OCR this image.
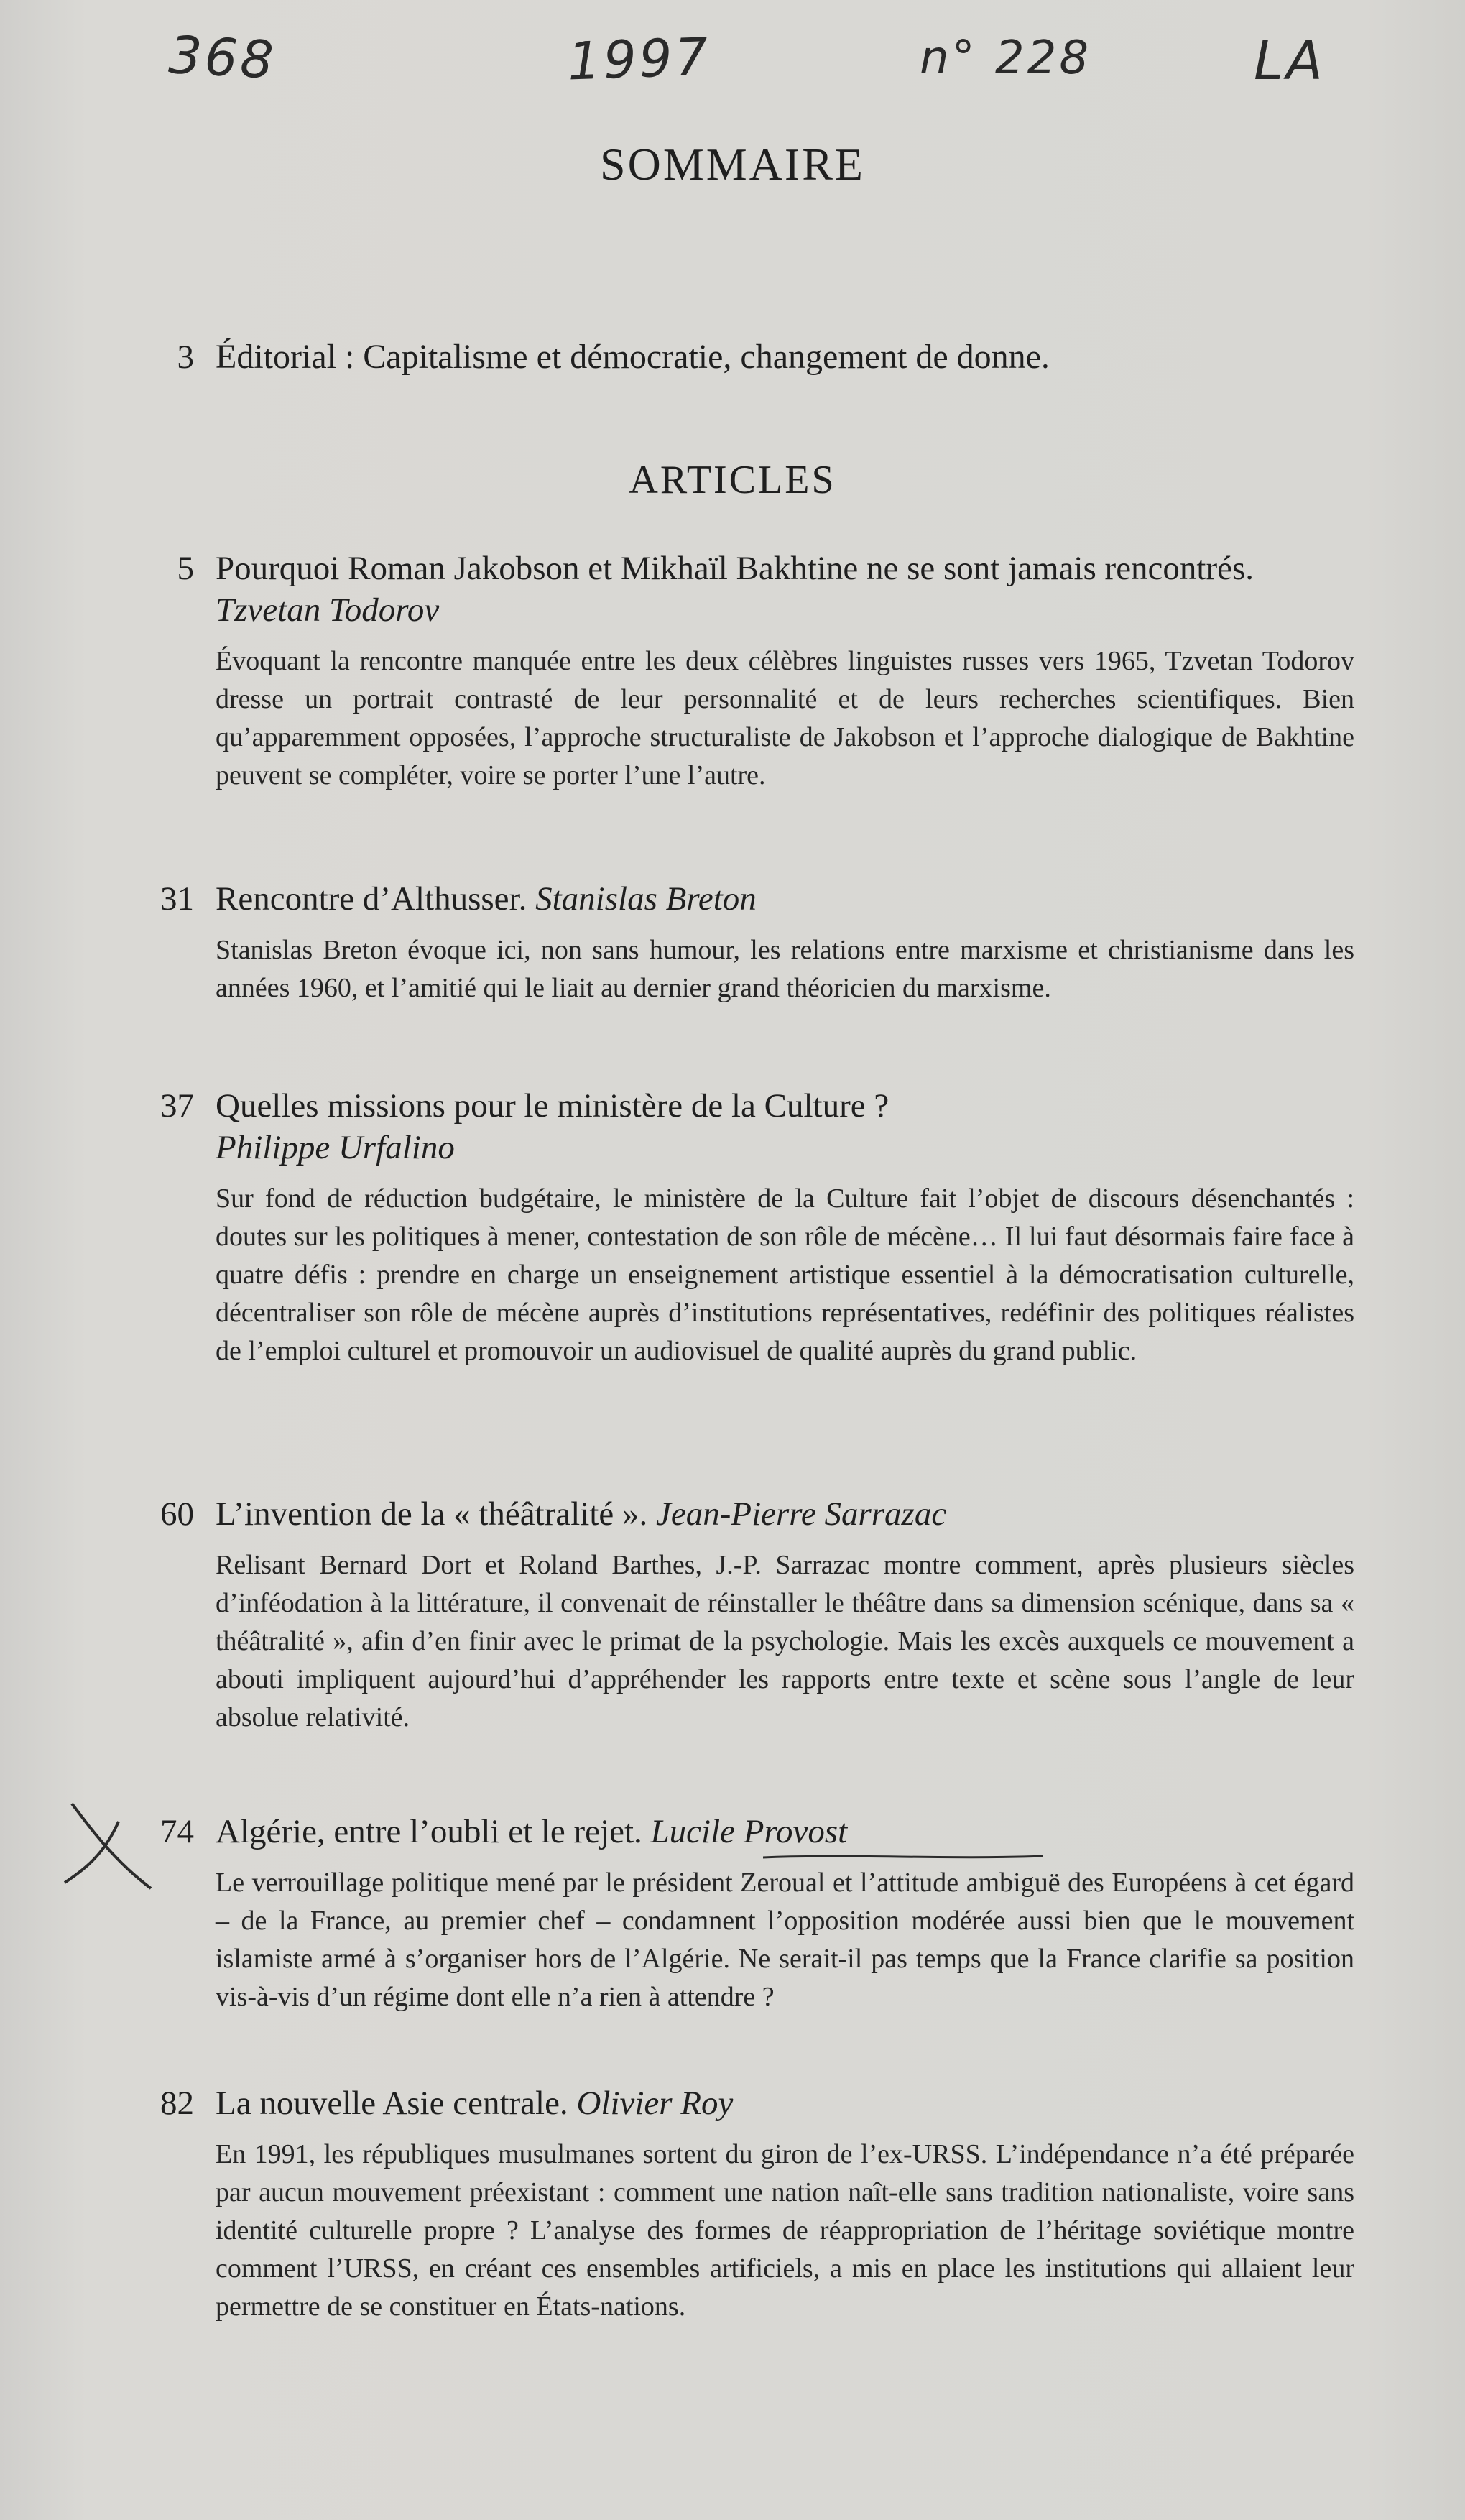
368	1997	n° 228	LA
SOMMAIRE
3 Éditorial : Capitalisme et démocratie, changement de donne.
ARTICLES
5 Pourquoi Roman Jakobson et Mikhaïl Bakhtine ne se sont jamais rencontrés. Tzvetan Todorov
Évoquant la rencontre manquée entre les deux célèbres linguistes russes vers 1965, Tzvetan Todorov dresse un portrait contrasté de leur personnalité et de leurs recherches scientifiques. Bien qu’apparemment opposées, l’approche structuraliste de Jakobson et l’approche dialogique de Bakhtine peuvent se compléter, voire se porter l’une l’autre.
31 Rencontre d’Althusser. Stanislas Breton
Stanislas Breton évoque ici, non sans humour, les relations entre marxisme et christianisme dans les années 1960, et l’amitié qui le liait au dernier grand théoricien du marxisme.
37 Quelles missions pour le ministère de la Culture ?
Philippe Urfalino
Sur fond de réduction budgétaire, le ministère de la Culture fait l’objet de discours désenchantés : doutes sur les politiques à mener, contestation de son rôle de mécène… Il lui faut désormais faire face à quatre défis : prendre en charge un enseignement artistique essentiel à la démocratisation culturelle, décentraliser son rôle de mécène auprès d’institutions représentatives, redéfinir des politiques réalistes de l’emploi culturel et promouvoir un audiovisuel de qualité auprès du grand public.
60 L’invention de la « théâtralité ». Jean-Pierre Sarrazac
Relisant Bernard Dort et Roland Barthes, J.-P. Sarrazac montre comment, après plusieurs siècles d’inféodation à la littérature, il convenait de réinstaller le théâtre dans sa dimension scénique, dans sa « théâtralité », afin d’en finir avec le primat de la psychologie. Mais les excès auxquels ce mouvement a abouti impliquent aujourd’hui d’appréhender les rapports entre texte et scène sous l’angle de leur absolue relativité.
74 Algérie, entre l’oubli et le rejet. Lucile Provost
Le verrouillage politique mené par le président Zeroual et l’attitude ambiguë des Européens à cet égard – de la France, au premier chef – condamnent l’opposition modérée aussi bien que le mouvement islamiste armé à s’organiser hors de l’Algérie. Ne serait-il pas temps que la France clarifie sa position vis-à-vis d’un régime dont elle n’a rien à attendre ?
82 La nouvelle Asie centrale. Olivier Roy
En 1991, les républiques musulmanes sortent du giron de l’ex-URSS. L’indépendance n’a été préparée par aucun mouvement préexistant : comment une nation naît-elle sans tradition nationaliste, voire sans identité culturelle propre ? L’analyse des formes de réappropriation de l’héritage soviétique montre comment l’URSS, en créant ces ensembles artificiels, a mis en place les institutions qui allaient leur permettre de se constituer en États-nations.
